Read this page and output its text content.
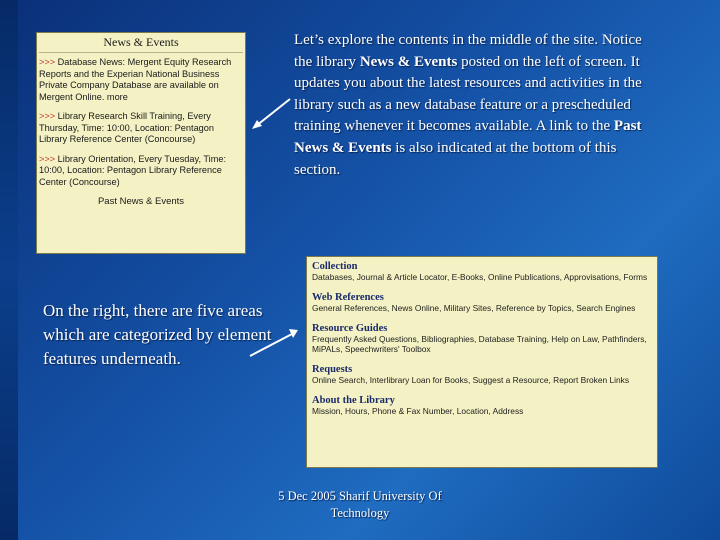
News & Events
>>> Database News: Mergent Equity Research Reports and the Experian National Business Private Company Database are available on Mergent Online. more
>>> Library Research Skill Training, Every Thursday, Time: 10:00, Location: Pentagon Library Reference Center (Concourse)
>>> Library Orientation, Every Tuesday, Time: 10:00, Location: Pentagon Library Reference Center (Concourse)
Past News & Events
Let’s explore the contents in the middle of the site. Notice the library News & Events posted on the left of screen. It updates you about the latest resources and activities in the library such as a new database feature or a prescheduled training whenever it becomes available. A link to the Past News & Events is also indicated at the bottom of this section.
On the right, there are five areas which are categorized by element features underneath.
Collection
Databases, Journal & Article Locator, E-Books, Online Publications, Approvisations, Forms
Web References
General References, News Online, Military Sites, Reference by Topics, Search Engines
Resource Guides
Frequently Asked Questions, Bibliographies, Database Training, Help on Law, Pathfinders, MiPALs, Speechwriters' Toolbox
Requests
Online Search, Interlibrary Loan for Books, Suggest a Resource, Report Broken Links
About the Library
Mission, Hours, Phone & Fax Number, Location, Address
5 Dec 2005 Sharif University Of Technology
